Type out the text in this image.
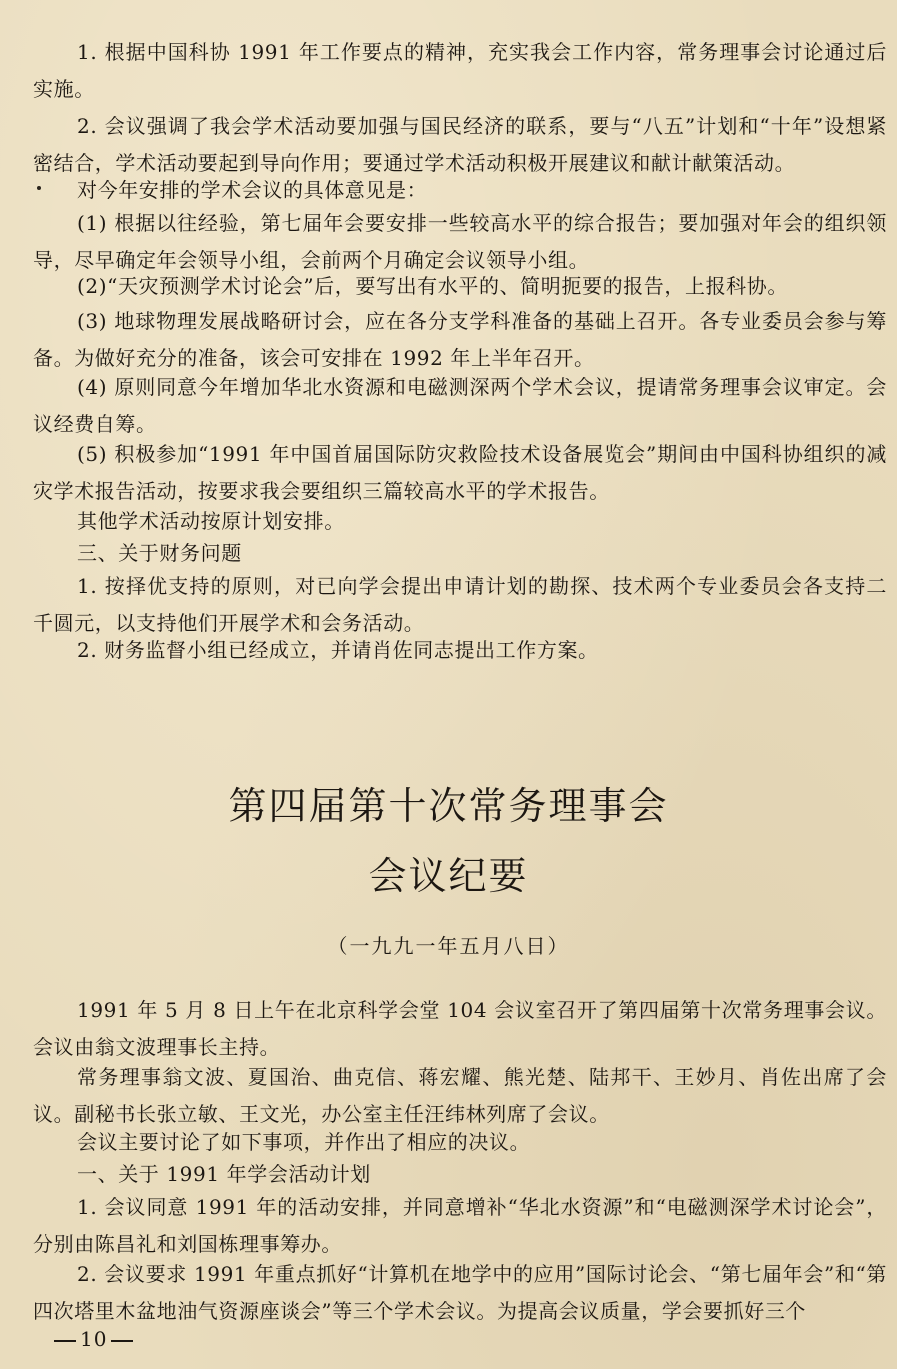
1. 根据中国科协 1991 年工作要点的精神，充实我会工作内容，常务理事会讨论通过后实施。

2. 会议强调了我会学术活动要加强与国民经济的联系，要与“八五”计划和“十年”设想紧密结合，学术活动要起到导向作用；要通过学术活动积极开展建议和献计献策活动。

对今年安排的学术会议的具体意见是：

(1) 根据以往经验，第七届年会要安排一些较高水平的综合报告；要加强对年会的组织领导，尽早确定年会领导小组，会前两个月确定会议领导小组。

(2)“天灾预测学术讨论会”后，要写出有水平的、简明扼要的报告，上报科协。

(3) 地球物理发展战略研讨会，应在各分支学科准备的基础上召开。各专业委员会参与筹备。为做好充分的准备，该会可安排在 1992 年上半年召开。

(4) 原则同意今年增加华北水资源和电磁测深两个学术会议，提请常务理事会议审定。会议经费自筹。

(5) 积极参加“1991 年中国首届国际防灾救险技术设备展览会”期间由中国科协组织的减灾学术报告活动，按要求我会要组织三篇较高水平的学术报告。

其他学术活动按原计划安排。

三、关于财务问题

1. 按择优支持的原则，对已向学会提出申请计划的勘探、技术两个专业委员会各支持二千圆元，以支持他们开展学术和会务活动。

2. 财务监督小组已经成立，并请肖佐同志提出工作方案。

第四届第十次常务理事会
会议纪要

（一九九一年五月八日）

1991 年 5 月 8 日上午在北京科学会堂 104 会议室召开了第四届第十次常务理事会议。会议由翁文波理事长主持。

常务理事翁文波、夏国治、曲克信、蒋宏耀、熊光楚、陆邦干、王妙月、肖佐出席了会议。副秘书长张立敏、王文光，办公室主任汪纬林列席了会议。

会议主要讨论了如下事项，并作出了相应的决议。

一、关于 1991 年学会活动计划

1. 会议同意 1991 年的活动安排，并同意增补“华北水资源”和“电磁测深学术讨论会”，分别由陈昌礼和刘国栋理事筹办。

2. 会议要求 1991 年重点抓好“计算机在地学中的应用”国际讨论会、“第七届年会”和“第四次塔里木盆地油气资源座谈会”等三个学术会议。为提高会议质量，学会要抓好三个

10
